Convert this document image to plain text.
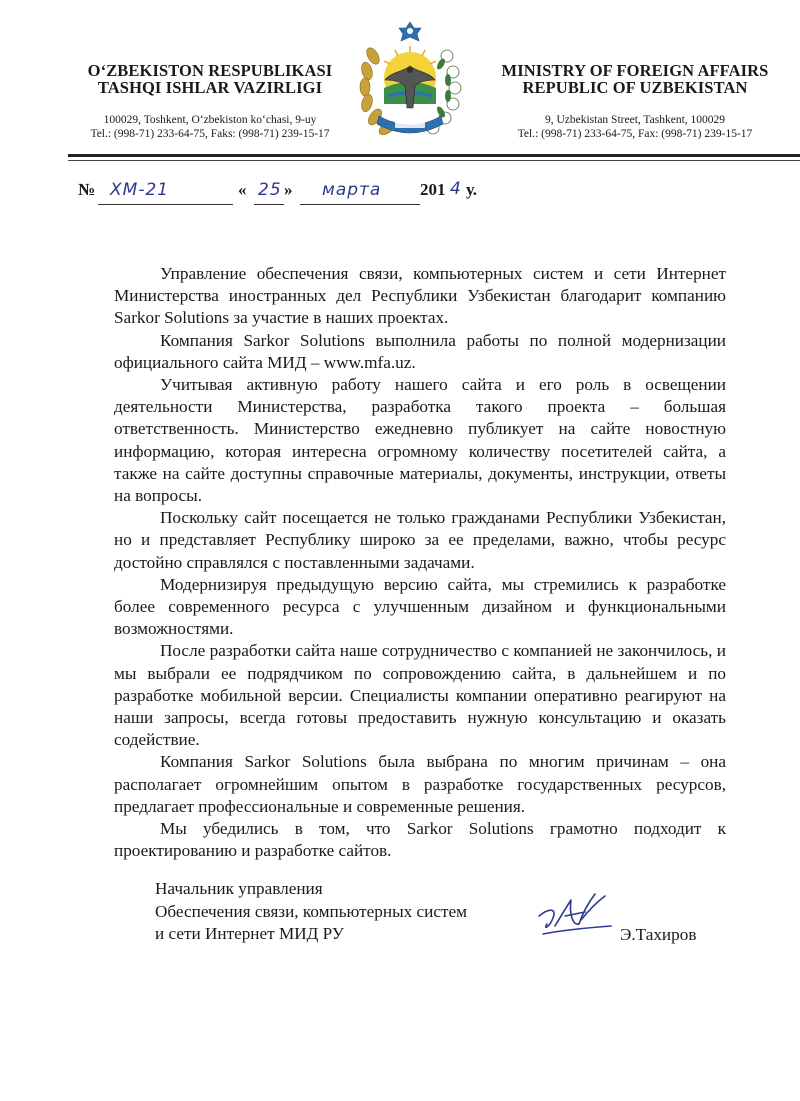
O‘ZBEKISTON RESPUBLIKASI
TASHQI ISHLAR VAZIRLIGI
100029, Toshkent, O‘zbekiston ko‘chasi, 9-uy
Tel.: (998-71) 233-64-75, Faks: (998-71) 239-15-17
MINISTRY OF FOREIGN AFFAIRS
REPUBLIC OF UZBEKISTAN
9, Uzbekistan Street, Tashkent, 100029
Tel.: (998-71) 233-64-75, Fax: (998-71) 239-15-17
№ ХМ-21	« 25 » марта 201 4 у.

Управление обеспечения связи, компьютерных систем и сети Интернет Министерства иностранных дел Республики Узбекистан благодарит компанию Sarkor Solutions за участие в наших проектах.

Компания Sarkor Solutions выполнила работы по полной модернизации официального сайта МИД – www.mfa.uz.

Учитывая активную работу нашего сайта и его роль в освещении деятельности Министерства, разработка такого проекта – большая ответственность. Министерство ежедневно публикует на сайте новостную информацию, которая интересна огромному количеству посетителей сайта, а также на сайте доступны справочные материалы, документы, инструкции, ответы на вопросы.

Поскольку сайт посещается не только гражданами Республики Узбекистан, но и представляет Республику широко за ее пределами, важно, чтобы ресурс достойно справлялся с поставленными задачами.

Модернизируя предыдущую версию сайта, мы стремились к разработке более современного ресурса с улучшенным дизайном и функциональными возможностями.

После разработки сайта наше сотрудничество с компанией не закончилось, и мы выбрали ее подрядчиком по сопровождению сайта, в дальнейшем и по разработке мобильной версии. Специалисты компании оперативно реагируют на наши запросы, всегда готовы предоставить нужную консультацию и оказать содействие.

Компания Sarkor Solutions была выбрана по многим причинам – она располагает огромнейшим опытом в разработке государственных ресурсов, предлагает профессиональные и современные решения.

Мы убедились в том, что Sarkor Solutions грамотно подходит к проектированию и разработке сайтов.

Начальник управления
Обеспечения связи, компьютерных систем
и сети Интернет МИД РУ	Э.Тахиров
